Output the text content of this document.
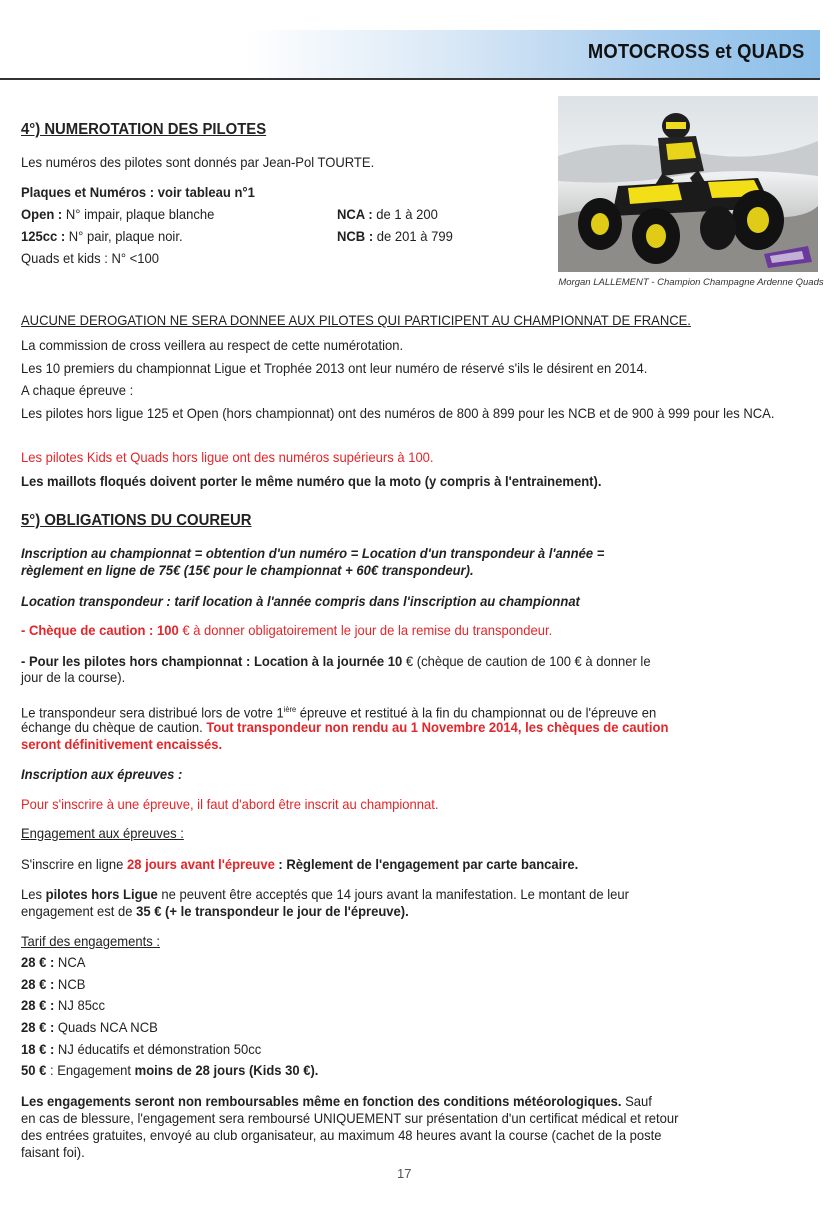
MOTOCROSS et QUADS
Morgan LALLEMENT - Champion Champagne Ardenne Quads
4°) NUMEROTATION DES PILOTES
Les numéros des pilotes sont donnés par Jean-Pol TOURTE.
Plaques et Numéros : voir tableau n°1
Open : N° impair, plaque blanche
125cc : N° pair, plaque noir.
Quads et kids : N° <100
NCA : de 1 à 200
NCB : de 201 à 799
AUCUNE DEROGATION NE SERA DONNEE AUX PILOTES QUI PARTICIPENT AU CHAMPIONNAT DE FRANCE.
La commission de cross veillera au respect de cette numérotation.
Les 10 premiers du championnat Ligue et Trophée 2013 ont leur numéro de réservé s'ils le désirent en 2014.
A chaque épreuve :
Les pilotes hors ligue 125 et Open (hors championnat) ont des numéros de 800 à 899 pour les NCB et de 900 à 999 pour les NCA.
Les pilotes Kids et Quads hors ligue ont des numéros supérieurs à 100.
Les maillots floqués doivent porter le même numéro que la moto (y compris à l'entrainement).
5°) OBLIGATIONS DU COUREUR
Inscription au championnat = obtention d'un numéro = Location d'un transpondeur à l'année =
règlement en ligne de 75€ (15€ pour le championnat + 60€ transpondeur).
Location transpondeur : tarif location à l'année compris dans l'inscription au championnat
- Chèque de caution : 100 € à donner obligatoirement le jour de la remise du transpondeur.
- Pour les pilotes hors championnat : Location à la journée 10 € (chèque de caution de 100 € à donner le
jour de la course).
Le transpondeur sera distribué lors de votre $1^{ière}$ épreuve et restitué à la fin du championnat ou de l'épreuve en
échange du chèque de caution. Tout transpondeur non rendu au 1 Novembre 2014, les chèques de caution
seront définitivement encaissés.
Inscription aux épreuves :
Pour s'inscrire à une épreuve, il faut d'abord être inscrit au championnat.
Engagement aux épreuves :
S'inscrire en ligne 28 jours avant l'épreuve : Règlement de l'engagement par carte bancaire.
Les pilotes hors Ligue ne peuvent être acceptés que 14 jours avant la manifestation. Le montant de leur
engagement est de 35 € (+ le transpondeur le jour de l'épreuve).
Tarif des engagements :
28 € : NCA
28 € : NCB
28 € : NJ 85cc
28 € : Quads NCA NCB
18 € : NJ éducatifs et démonstration 50cc
50 € : Engagement moins de 28 jours (Kids 30 €).
Les engagements seront non remboursables même en fonction des conditions météorologiques. Sauf
en cas de blessure, l'engagement sera remboursé UNIQUEMENT sur présentation d'un certificat médical et retour
des entrées gratuites, envoyé au club organisateur, au maximum 48 heures avant la course (cachet de la poste
faisant foi).
17
